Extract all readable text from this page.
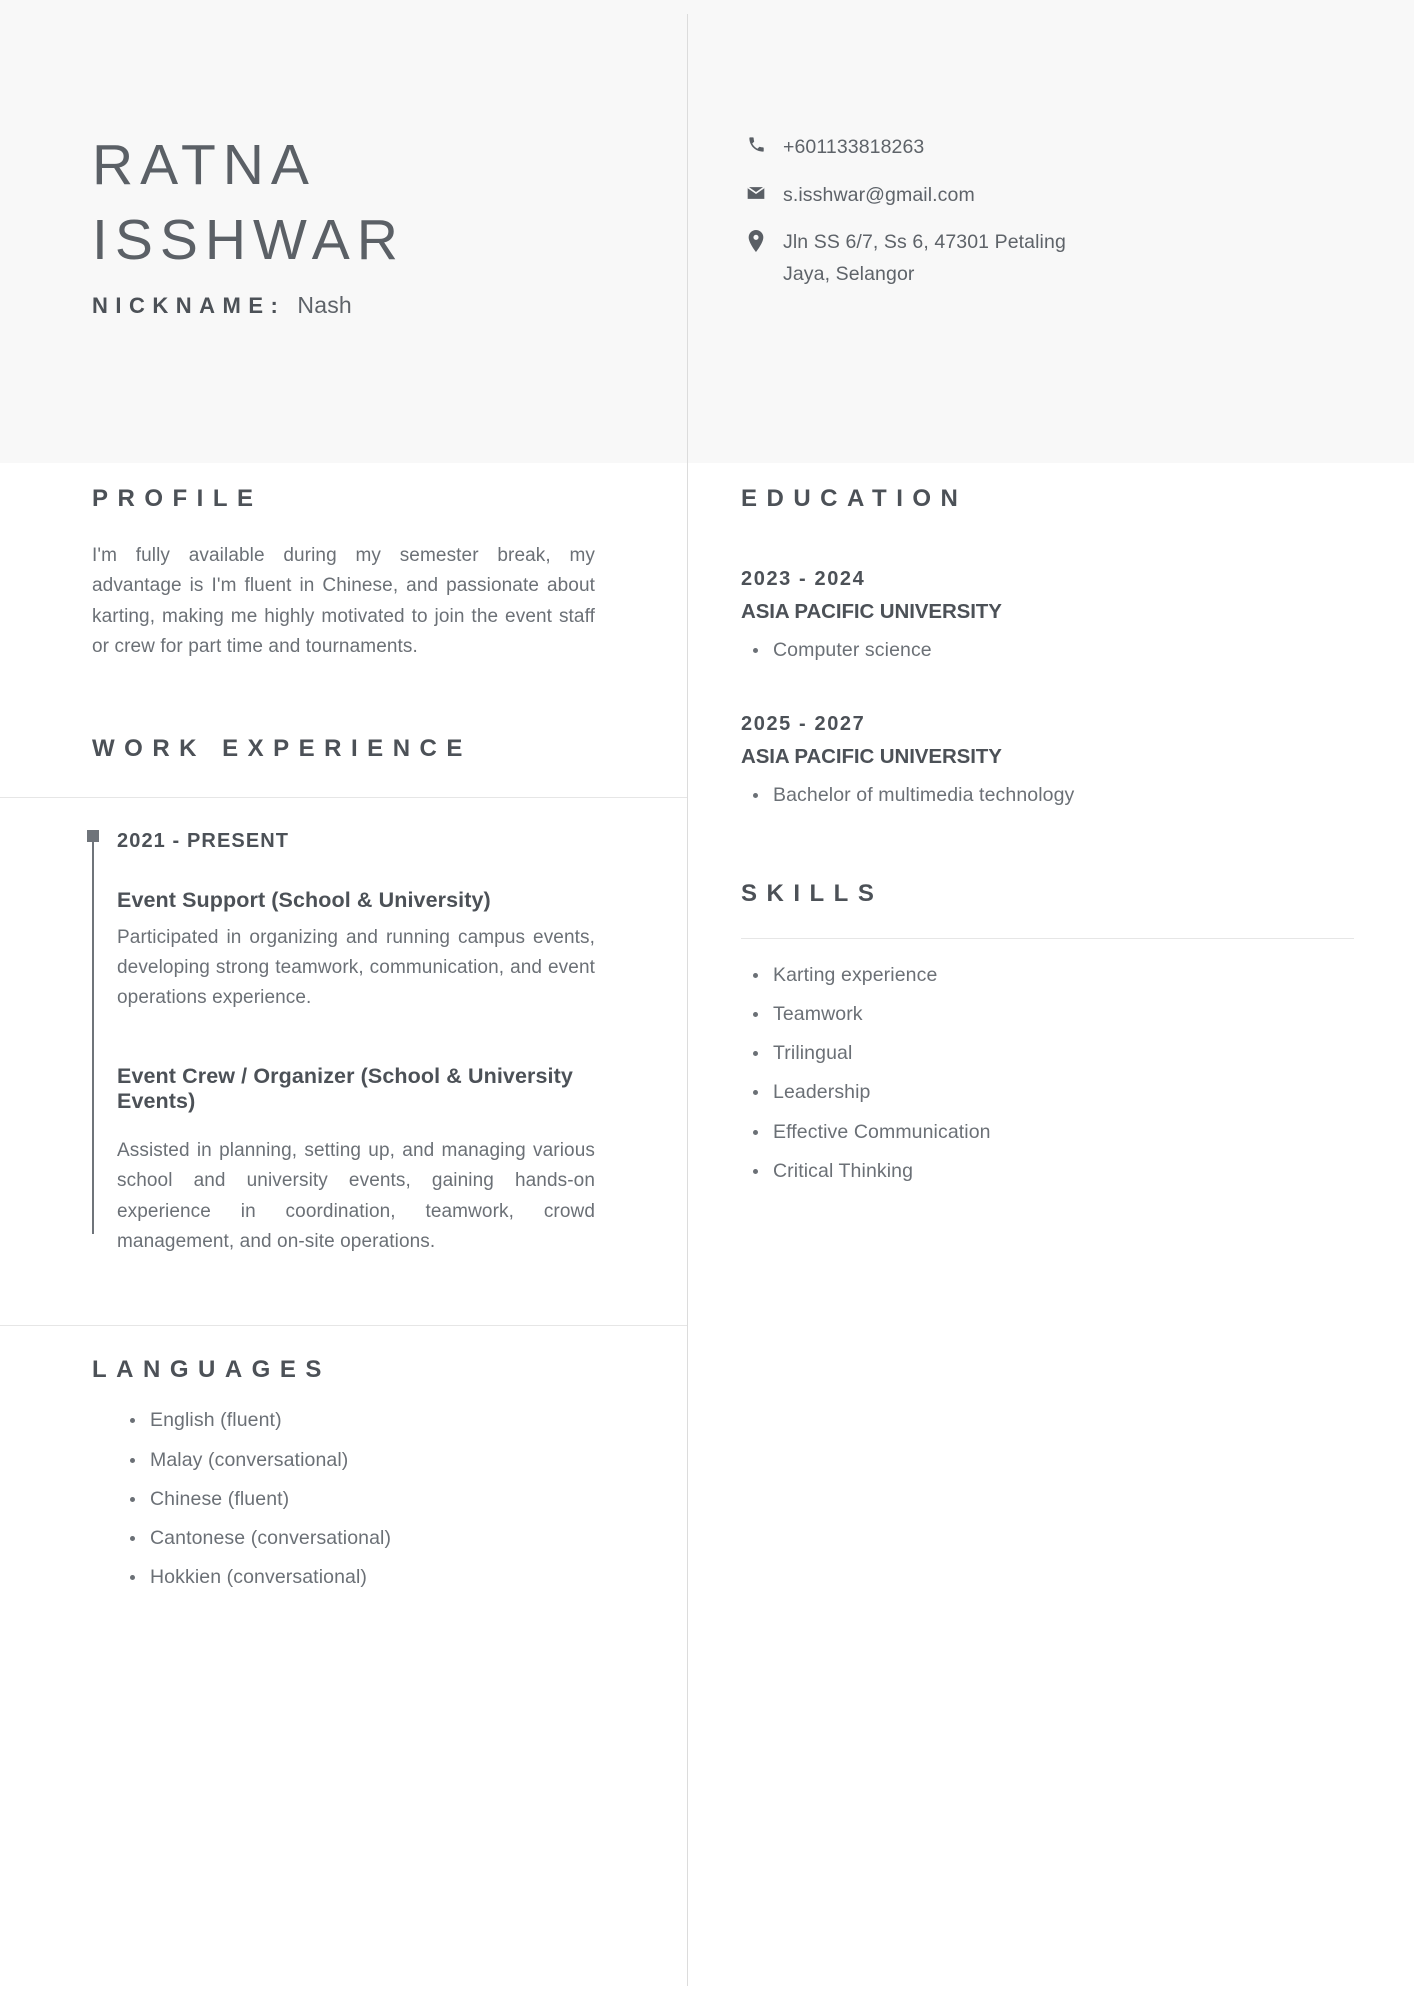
RATNA
ISSHWAR
NICKNAME: Nash
+601133818263
s.isshwar@gmail.com
Jln SS 6/7, Ss 6, 47301 Petaling Jaya, Selangor
PROFILE
I'm fully available during my semester break, my advantage is I'm fluent in Chinese, and passionate about karting, making me highly motivated to join the event staff or crew for part time and tournaments.
WORK EXPERIENCE
2021 - PRESENT
Event Support (School & University)
Participated in organizing and running campus events, developing strong teamwork, communication, and event operations experience.
Event Crew / Organizer (School & University Events)
Assisted in planning, setting up, and managing various school and university events, gaining hands-on experience in coordination, teamwork, crowd management, and on-site operations.
LANGUAGES
English (fluent)
Malay (conversational)
Chinese (fluent)
Cantonese (conversational)
Hokkien (conversational)
EDUCATION
2023 - 2024
ASIA PACIFIC UNIVERSITY
Computer science
2025 - 2027
ASIA PACIFIC UNIVERSITY
Bachelor of multimedia technology
SKILLS
Karting experience
Teamwork
Trilingual
Leadership
Effective Communication
Critical Thinking
